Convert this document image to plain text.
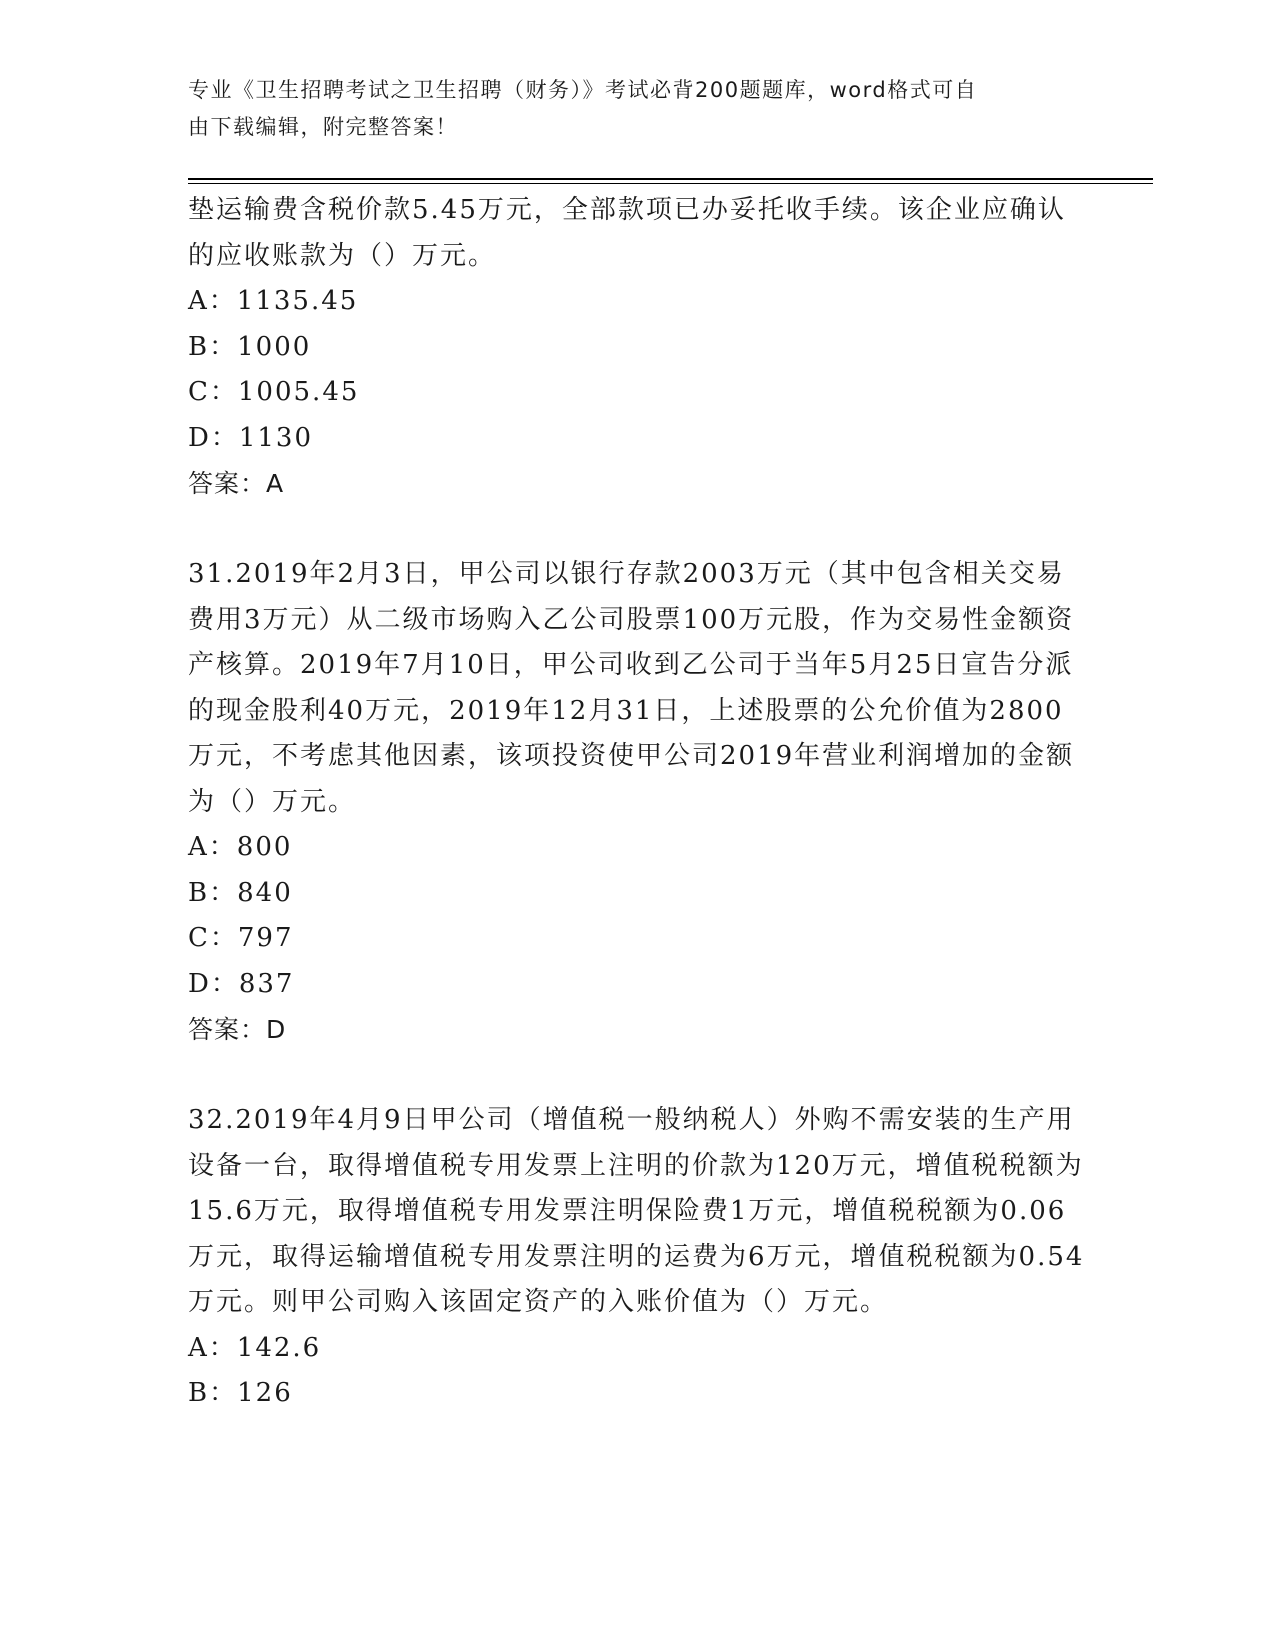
专业《卫生招聘考试之卫生招聘（财务）》考试必背200题题库，word格式可自
由下载编辑，附完整答案！

垫运输费含税价款5.45万元，全部款项已办妥托收手续。该企业应确认的应收账款为（）万元。

A：1135.45

B：1000

C：1005.45

D：1130

答案：A

31.2019年2月3日，甲公司以银行存款2003万元（其中包含相关交易费用3万元）从二级市场购入乙公司股票100万元股，作为交易性金额资产核算。2019年7月10日，甲公司收到乙公司于当年5月25日宣告分派的现金股利40万元，2019年12月31日，上述股票的公允价值为2800万元，不考虑其他因素，该项投资使甲公司2019年营业利润增加的金额为（）万元。

A：800

B：840

C：797

D：837

答案：D

32.2019年4月9日甲公司（增值税一般纳税人）外购不需安装的生产用设备一台，取得增值税专用发票上注明的价款为120万元，增值税税额为15.6万元，取得增值税专用发票注明保险费1万元，增值税税额为0.06万元，取得运输增值税专用发票注明的运费为6万元，增值税税额为0.54万元。则甲公司购入该固定资产的入账价值为（）万元。

A：142.6

B：126
